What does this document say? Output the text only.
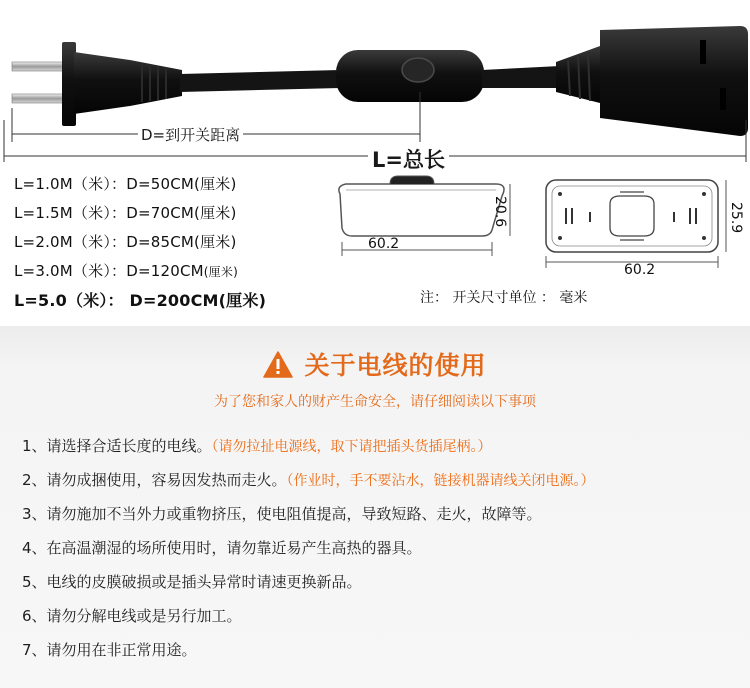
D=到开关距离
L=总长
L=1.0M（米）：D=50CM(厘米)
L=1.5M（米）：D=70CM(厘米)
L=2.0M（米）：D=85CM(厘米)
L=3.0M（米）：D=120CM(厘米)
L=5.0（米）： D=200CM(厘米)
20.6
60.2
25.9
60.2
注： 开关尺寸单位 ： 毫米
关于电线的使用
为了您和家人的财产生命安全，请仔细阅读以下事项
1、请选择合适长度的电线。（请勿拉扯电源线，取下请把插头货插尾柄。）
2、请勿成捆使用，容易因发热而走火。（作业时，手不要沾水，链接机器请线关闭电源。）
3、请勿施加不当外力或重物挤压，使电阻值提高，导致短路、走火，故障等。
4、在高温潮湿的场所使用时，请勿靠近易产生高热的器具。
5、电线的皮膜破损或是插头异常时请速更换新品。
6、请勿分解电线或是另行加工。
7、请勿用在非正常用途。
